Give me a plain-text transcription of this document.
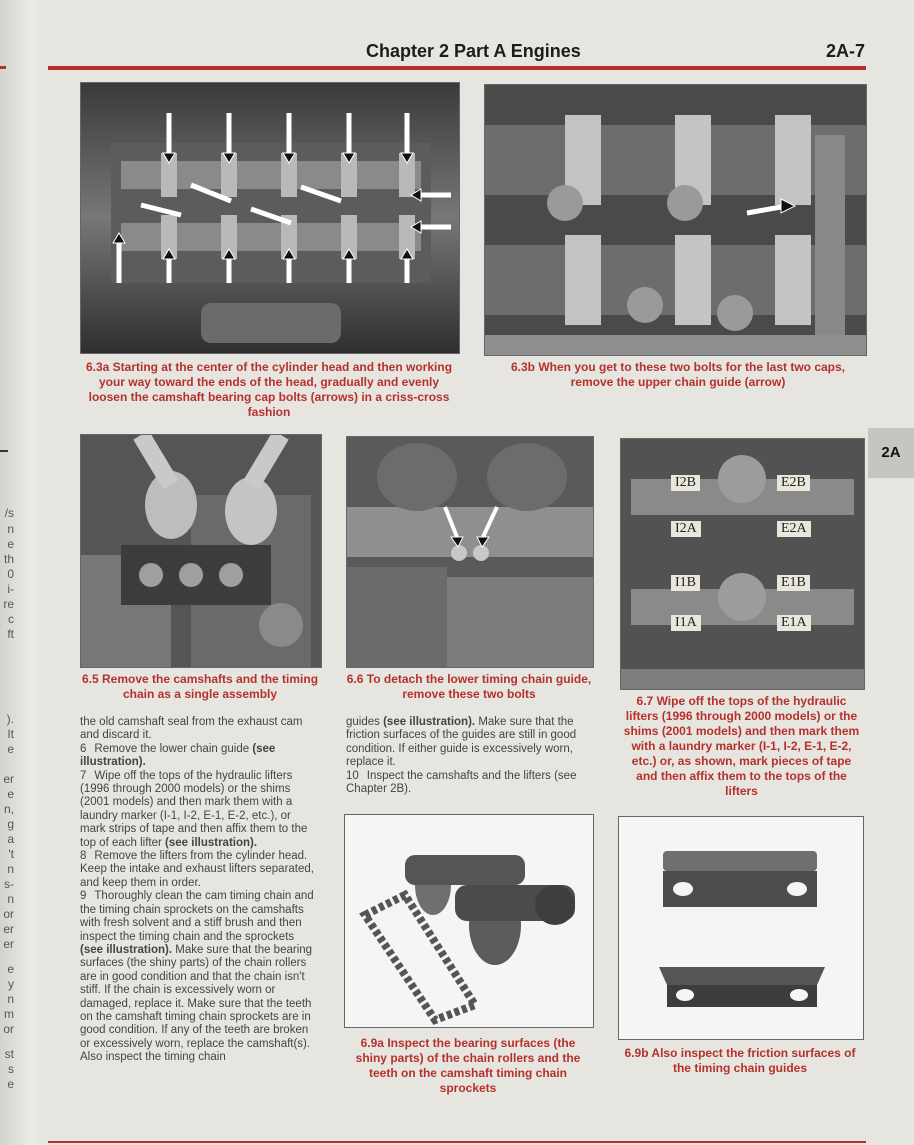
/s
n
e
th
0
i-
re
c
ft
).
It
e
er
e
n,
g
a
't
n
s-
n
or
er
er
e
y
n
m
or
st
s
e
Chapter 2 Part A Engines	2A-7
2A
6.3a Starting at the center of the cylinder head and then working your way toward the ends of the head, gradually and evenly loosen the camshaft bearing cap bolts (arrows) in a criss-cross fashion
6.3b When you get to these two bolts for the last two caps, remove the upper chain guide (arrow)
6.5 Remove the camshafts and the timing chain as a single assembly
6.6 To detach the lower timing chain guide, remove these two bolts
I2B	E2B
I2A	E2A
I1B	E1B
I1A	E1A
6.7 Wipe off the tops of the hydraulic lifters (1996 through 2000 models) or the shims (2001 models) and then mark them with a laundry marker (I-1, I-2, E-1, E-2, etc.) or, as shown, mark pieces of tape and then affix them to the tops of the lifters
6.9a Inspect the bearing surfaces (the shiny parts) of the chain rollers and the teeth on the camshaft timing chain sprockets
6.9b Also inspect the friction surfaces of the timing chain guides

the old camshaft seal from the exhaust cam and discard it.

6 Remove the lower chain guide (see illustration).

7 Wipe off the tops of the hydraulic lifters (1996 through 2000 models) or the shims (2001 models) and then mark them with a laundry marker (I-1, I-2, E-1, E-2, etc.), or mark strips of tape and then affix them to the top of each lifter (see illustration).

8 Remove the lifters from the cylinder head. Keep the intake and exhaust lifters separated, and keep them in order.

9 Thoroughly clean the cam timing chain and the timing chain sprockets on the camshafts with fresh solvent and a stiff brush and then inspect the timing chain and the sprockets (see illustration). Make sure that the bearing surfaces (the shiny parts) of the chain rollers are in good condition and that the chain isn't stiff. If the chain is excessively worn or damaged, replace it. Make sure that the teeth on the camshaft timing chain sprockets are in good condition. If any of the teeth are broken or excessively worn, replace the camshaft(s). Also inspect the timing chain

guides (see illustration). Make sure that the friction surfaces of the guides are still in good condition. If either guide is excessively worn, replace it.

10 Inspect the camshafts and the lifters (see Chapter 2B).
